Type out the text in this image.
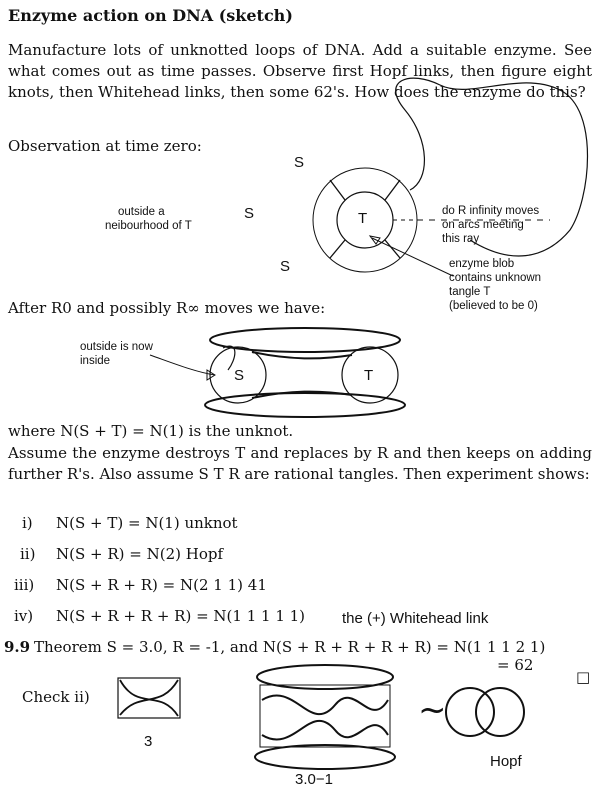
Enzyme action on DNA (sketch)
Manufacture lots of unknotted loops of DNA. Add a suitable enzyme. See what comes out as time passes. Observe first Hopf links, then figure eight knots, then Whitehead links, then some 62's. How does the enzyme do this?
Observation at time zero:
S
S
S
T
outside a
neibourhood of T
do R infinity moves
on arcs meeting
this ray
enzyme blob
contains unknown
tangle T
(believed to be 0)
After R0 and possibly R∞ moves we have:
outside is now
inside
S	T
where N(S + T) = N(1) is the unknot.
Assume the enzyme destroys T and replaces by R and then keeps on adding further R's. Also assume S T R are rational tangles. Then experiment shows:
i) N(S + T) = N(1) unknot
ii) N(S + R) = N(2) Hopf
iii) N(S + R + R) = N(2 1 1) 41
iv) N(S + R + R + R) = N(1 1 1 1 1) the (+) Whitehead link
9.9 Theorem S = 3.0, R = -1, and N(S + R + R + R + R) = N(1 1 1 2 1)
= 62
□
Check ii)	~
3
3.0−1
Hopf
